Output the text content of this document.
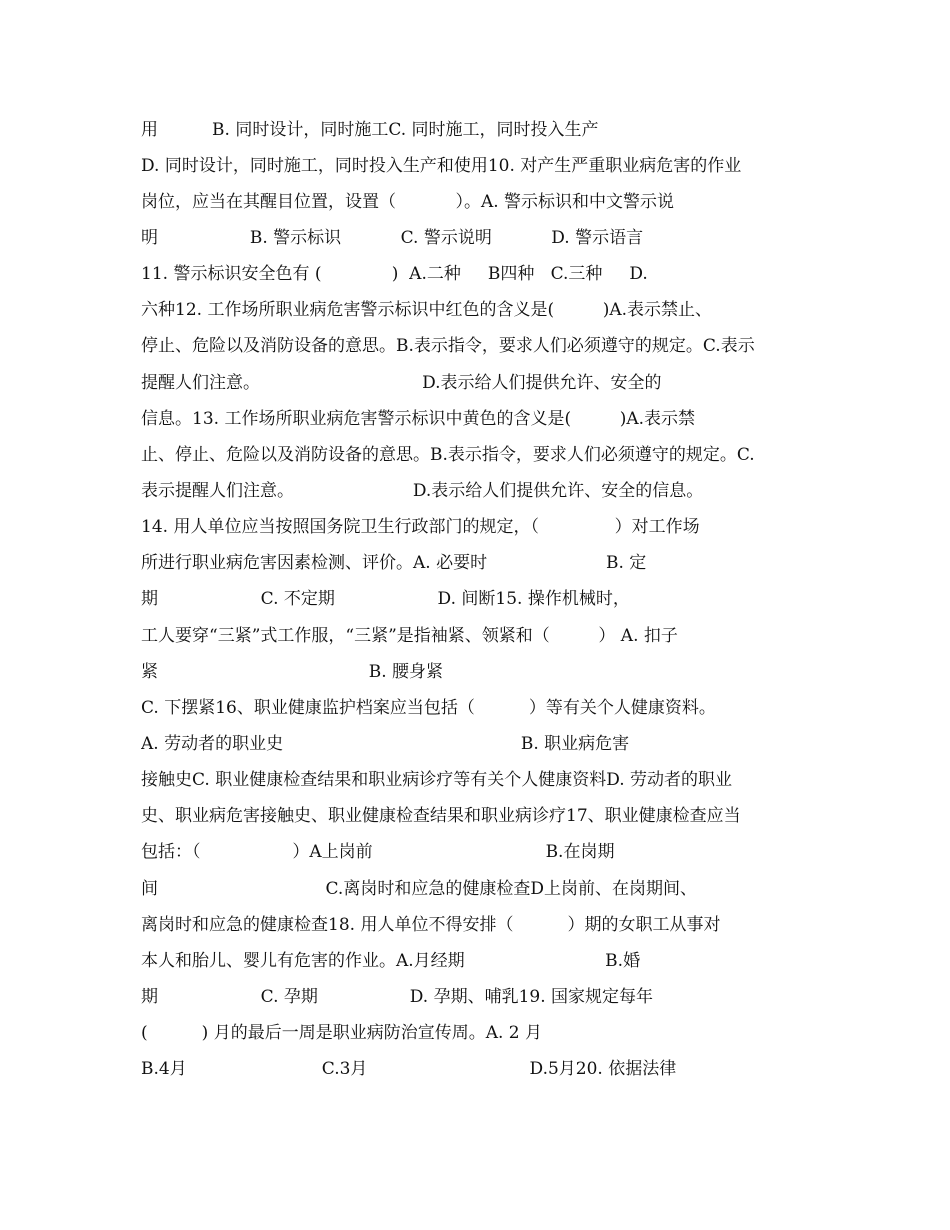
用          B. 同时设计，同时施工C. 同时施工，同时投入生产
D. 同时设计，同时施工，同时投入生产和使用10. 对产生严重职业病危害的作业
岗位，应当在其醒目位置，设置（           ）。A. 警示标识和中文警示说
明                 B. 警示标识           C. 警示说明           D. 警示语言
11. 警示标识安全色有 (             )  A.二种     B四种   C.三种     D.
六种12. 工作场所职业病危害警示标识中红色的含义是(         )A.表示禁止、
停止、危险以及消防设备的意思。B.表示指令，要求人们必须遵守的规定。C.表示
提醒人们注意。                              D.表示给人们提供允许、安全的
信息。13. 工作场所职业病危害警示标识中黄色的含义是(         )A.表示禁
止、停止、危险以及消防设备的意思。B.表示指令，要求人们必须遵守的规定。C.
表示提醒人们注意。                      D.表示给人们提供允许、安全的信息。
14. 用人单位应当按照国务院卫生行政部门的规定，（              ）对工作场
所进行职业病危害因素检测、评价。A. 必要时                      B. 定
期                   C. 不定期                   D. 间断15. 操作机械时，
工人要穿“三紧”式工作服，“三紧”是指袖紧、领紧和（         ） A. 扣子
紧                                       B. 腰身紧
C. 下摆紧16、职业健康监护档案应当包括（          ）等有关个人健康资料。
A. 劳动者的职业史                                            B. 职业病危害
接触史C. 职业健康检查结果和职业病诊疗等有关个人健康资料D. 劳动者的职业
史、职业病危害接触史、职业健康检查结果和职业病诊疗17、职业健康检查应当
包括：（                 ）A上岗前                                B.在岗期
间                               C.离岗时和应急的健康检查D上岗前、在岗期间、
离岗时和应急的健康检查18. 用人单位不得安排（          ）期的女职工从事对
本人和胎儿、婴儿有危害的作业。A.月经期                          B.婚
期                   C. 孕期                 D. 孕期、哺乳19. 国家规定每年
(          ) 月的最后一周是职业病防治宣传周。A. 2 月
B.4月                         C.3月                              D.5月20. 依据法律
